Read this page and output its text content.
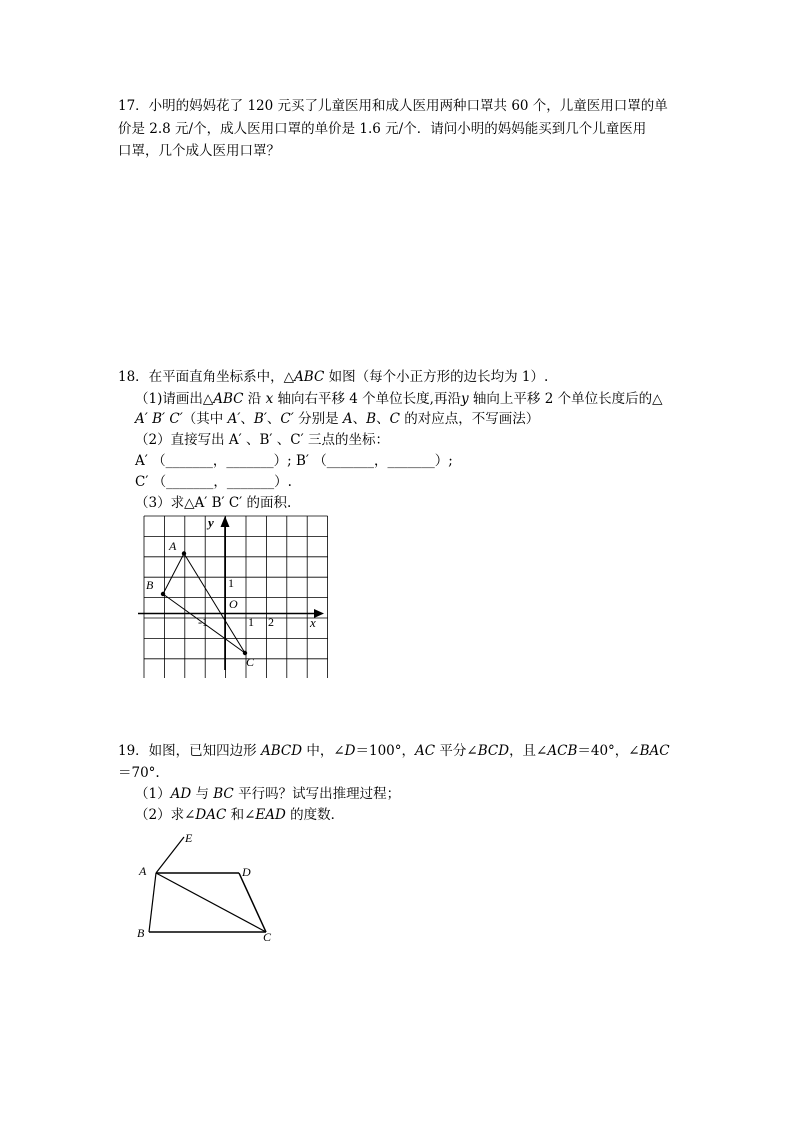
17．小明的妈妈花了 120 元买了儿童医用和成人医用两种口罩共 60 个，儿童医用口罩的单
价是 2.8 元/个，成人医用口罩的单价是 1.6 元/个．请问小明的妈妈能买到几个儿童医用
口罩，几个成人医用口罩？
18．在平面直角坐标系中，△ABC 如图（每个小正方形的边长均为 1）.
（1)请画出△ABC 沿 x 轴向右平移 4 个单位长度,再沿y 轴向上平移 2 个单位长度后的△
A′ B′ C′（其中 A′、B′、C′ 分别是 A、B、C 的对应点，不写画法）
（2）直接写出 A′ 、B′ 、C′ 三点的坐标：
A′ （_______，_______）; B′ （_______，_______）;
C′ （_______，_______）.
（3）求△A′ B′ C′ 的面积.
y
x
O
1
-1	1 2
A
B
C
19．如图，已知四边形 ABCD 中，∠D＝100°，AC 平分∠BCD，且∠ACB＝40°，∠BAC
＝70°.
（1）AD 与 BC 平行吗？试写出推理过程；
（2）求∠DAC 和∠EAD 的度数．
E
A	D
B	C
